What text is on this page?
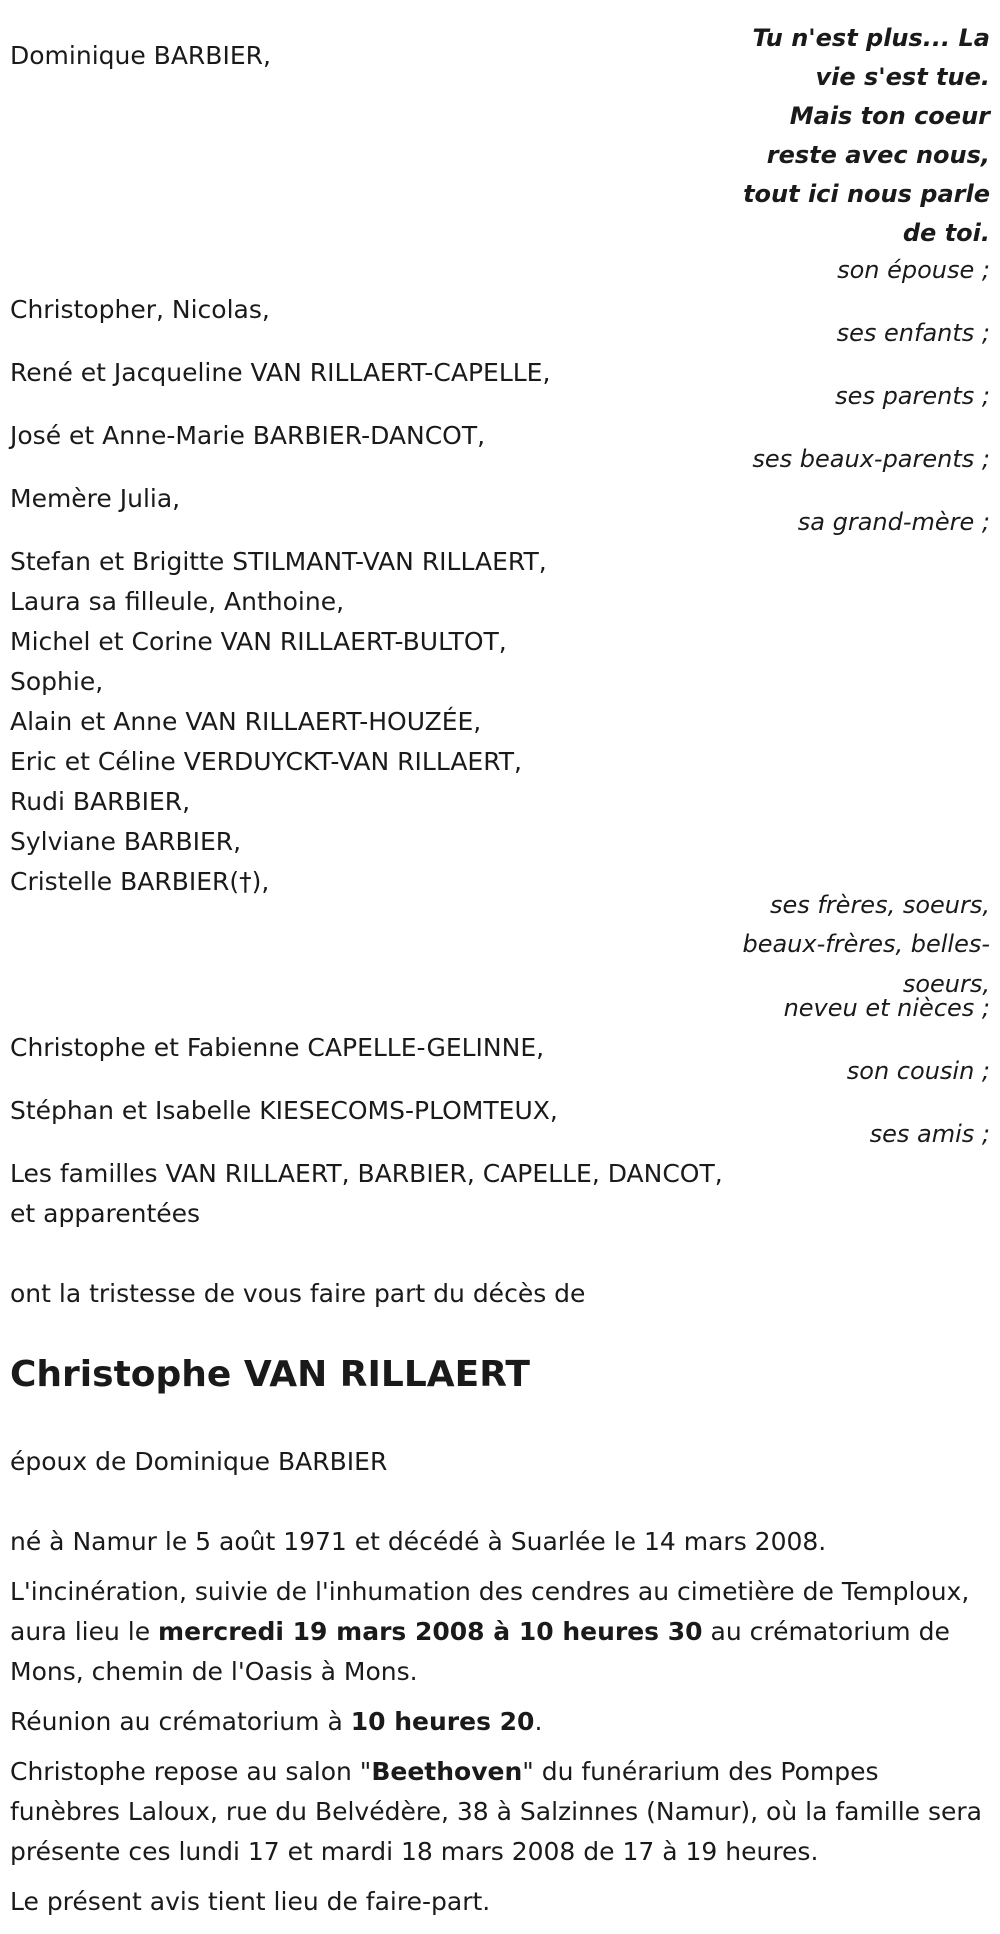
Tu n'est plus... La
vie s'est tue.
Mais ton coeur
reste avec nous,
tout ici nous parle
de toi.
Dominique BARBIER,
Christopher, Nicolas,
René et Jacqueline VAN RILLAERT-CAPELLE,
José et Anne-Marie BARBIER-DANCOT,
Memère Julia,
Stefan et Brigitte STILMANT-VAN RILLAERT,
Laura sa filleule, Anthoine,
Michel et Corine VAN RILLAERT-BULTOT,
Sophie,
Alain et Anne VAN RILLAERT-HOUZÉE,
Eric et Céline VERDUYCKT-VAN RILLAERT,
Rudi BARBIER,
Sylviane BARBIER,
Cristelle BARBIER(†),
Christophe et Fabienne CAPELLE-GELINNE,
Stéphan et Isabelle KIESECOMS-PLOMTEUX,
Les familles VAN RILLAERT, BARBIER, CAPELLE, DANCOT,
et apparentées
son épouse ;
ses enfants ;
ses parents ;
ses beaux-parents ;
sa grand-mère ;
ses frères, soeurs,
beaux-frères, belles-
soeurs,
neveu et nièces ;
son cousin ;
ses amis ;
ont la tristesse de vous faire part du décès de
Christophe VAN RILLAERT
époux de Dominique BARBIER
né à Namur le 5 août 1971 et décédé à Suarlée le 14 mars 2008.
L'incinération, suivie de l'inhumation des cendres au cimetière de Temploux, aura lieu le mercredi 19 mars 2008 à 10 heures 30 au crématorium de Mons, chemin de l'Oasis à Mons.
Réunion au crématorium à 10 heures 20.
Christophe repose au salon "Beethoven" du funérarium des Pompes funèbres Laloux, rue du Belvédère, 38 à Salzinnes (Namur), où la famille sera présente ces lundi 17 et mardi 18 mars 2008 de 17 à 19 heures.
Le présent avis tient lieu de faire-part.
